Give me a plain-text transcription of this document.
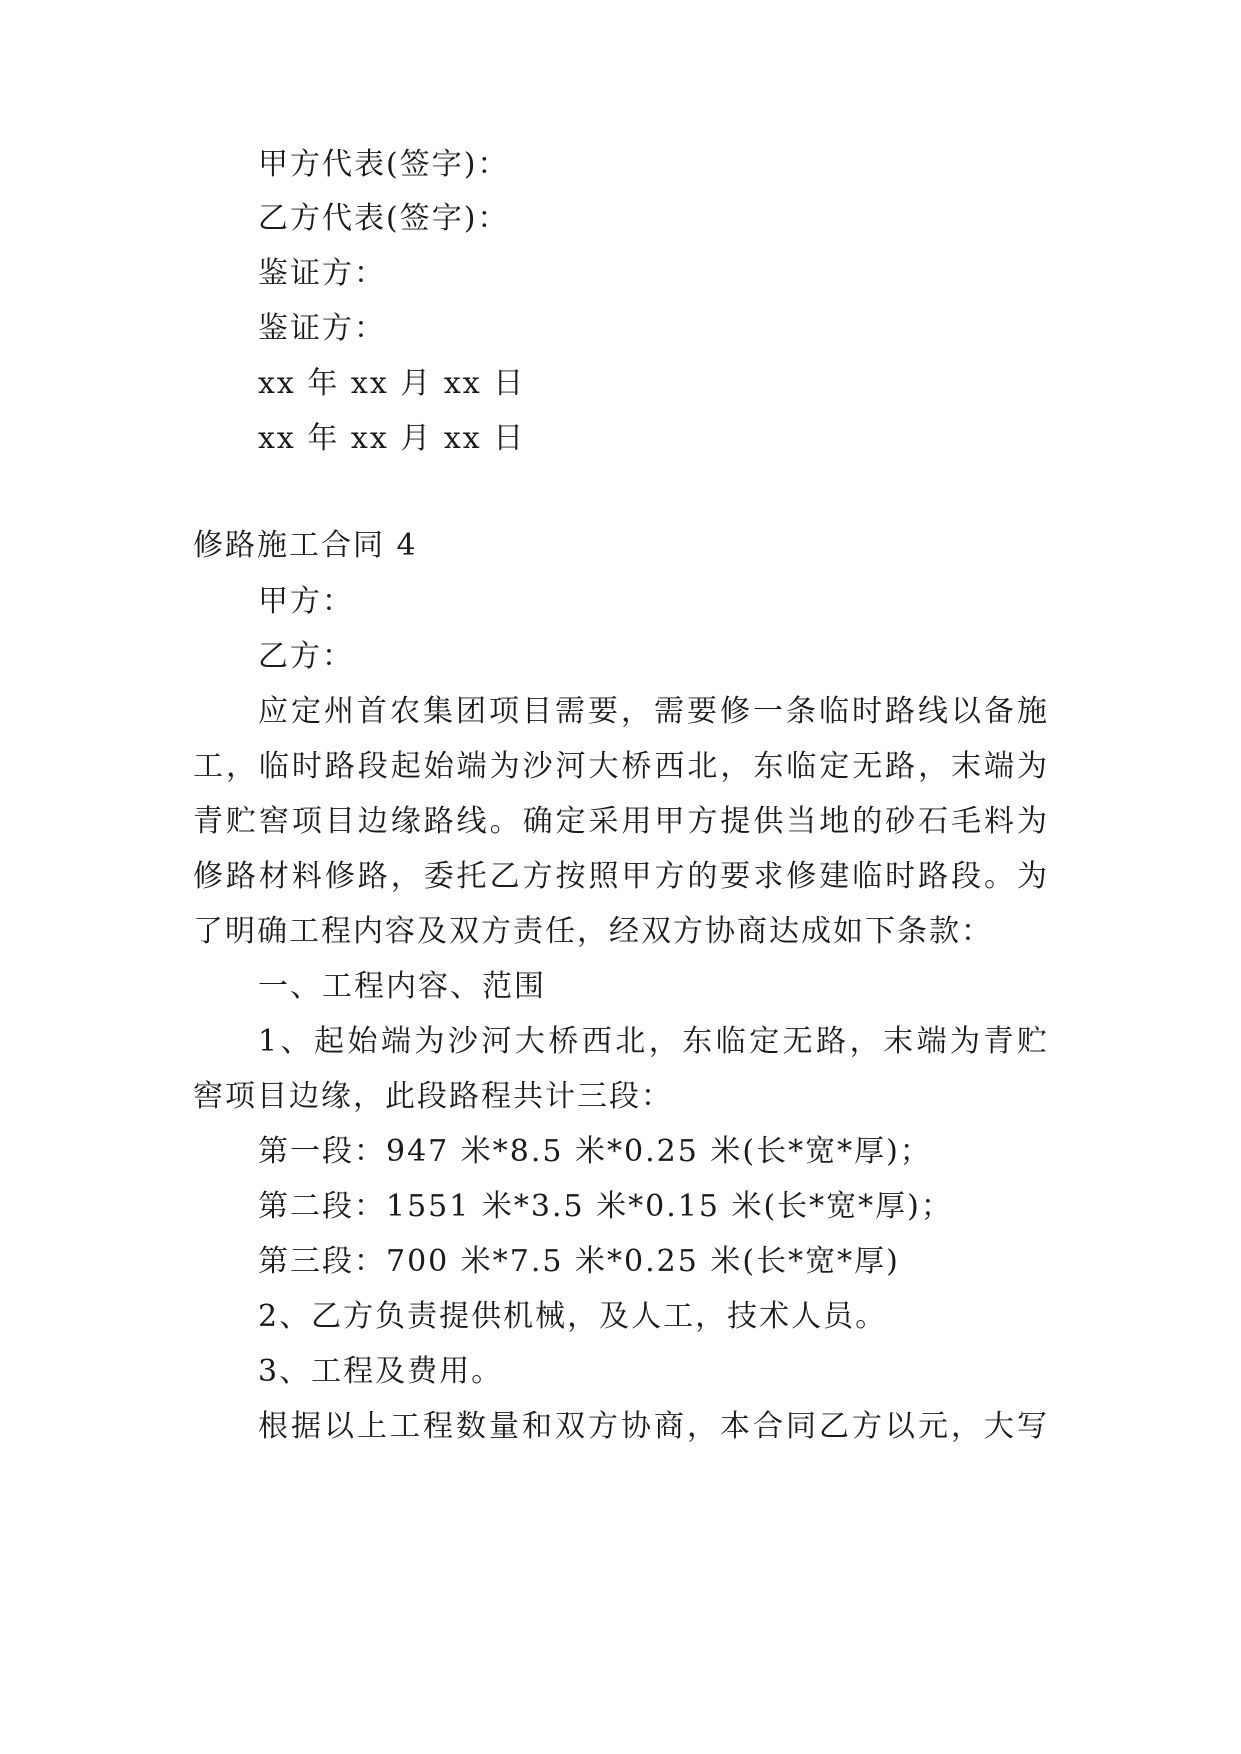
甲方代表(签字)：
乙方代表(签字)：
鉴证方：
鉴证方：
xx 年 xx 月 xx 日
xx 年 xx 月 xx 日
修路施工合同 4
甲方：
乙方：
应定州首农集团项目需要，需要修一条临时路线以备施
工，临时路段起始端为沙河大桥西北，东临定无路，末端为
青贮窖项目边缘路线。确定采用甲方提供当地的砂石毛料为
修路材料修路，委托乙方按照甲方的要求修建临时路段。为
了明确工程内容及双方责任，经双方协商达成如下条款：
一、工程内容、范围
1、起始端为沙河大桥西北，东临定无路，末端为青贮
窖项目边缘，此段路程共计三段：
第一段：947 米*8.5 米*0.25 米(长*宽*厚)；
第二段：1551 米*3.5 米*0.15 米(长*宽*厚)；
第三段：700 米*7.5 米*0.25 米(长*宽*厚)
2、乙方负责提供机械，及人工，技术人员。
3、工程及费用。
根据以上工程数量和双方协商，本合同乙方以元，大写
